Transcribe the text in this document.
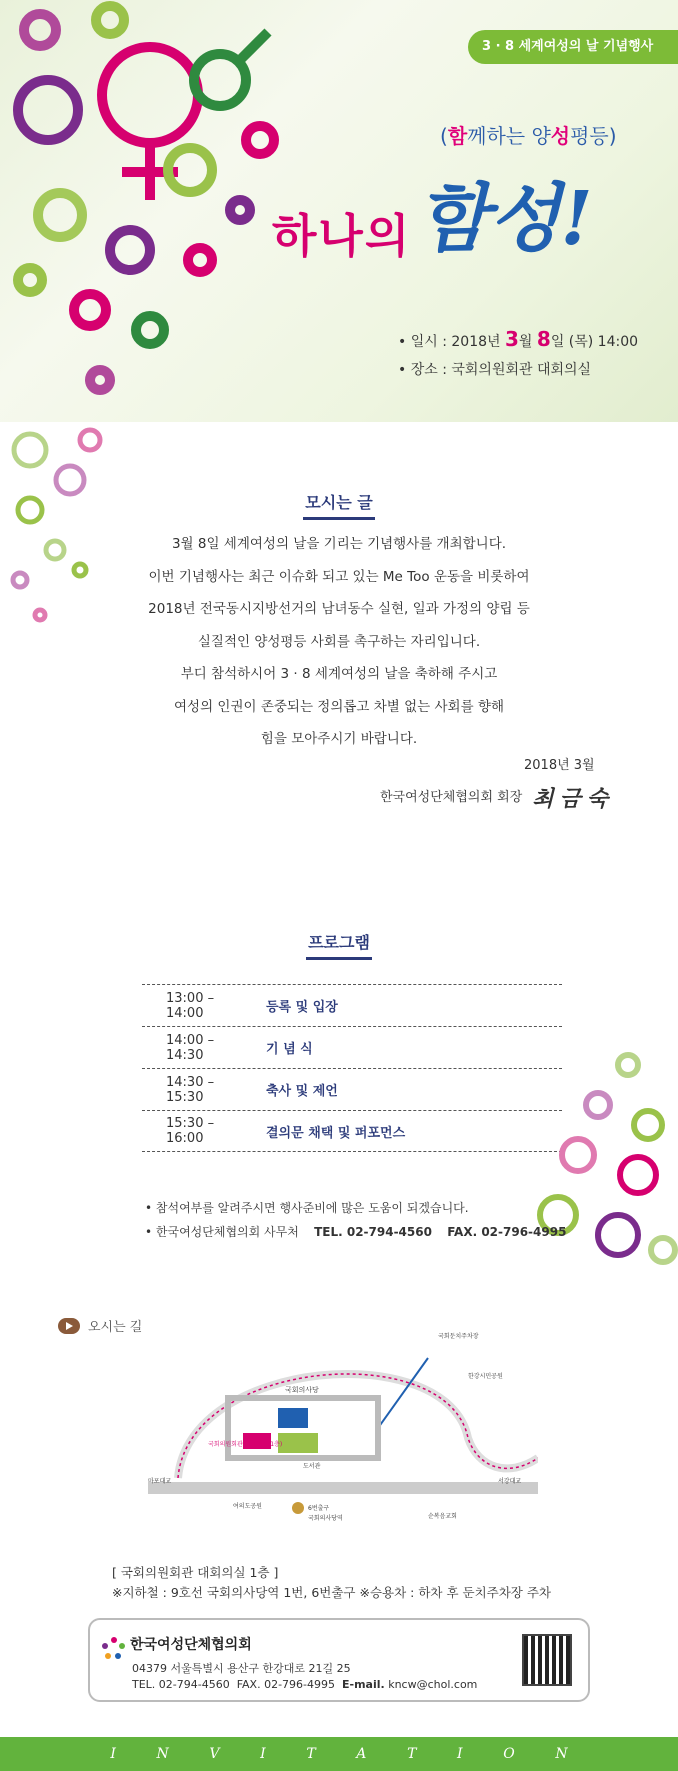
3 · 8 세계여성의 날 기념행사
(함께하는 양성평등)
하나의함성!
• 일시 : 2018년 3월 8일 (목) 14:00
• 장소 : 국회의원회관 대회의실
모시는 글
3월 8일 세계여성의 날을 기리는 기념행사를 개최합니다.
이번 기념행사는 최근 이슈화 되고 있는 Me Too 운동을 비롯하여
2018년 전국동시지방선거의 남녀동수 실현, 일과 가정의 양립 등
실질적인 양성평등 사회를 촉구하는 자리입니다.
부디 참석하시어 3 · 8 세계여성의 날을 축하해 주시고
여성의 인권이 존중되는 정의롭고 차별 없는 사회를 향해
힘을 모아주시기 바랍니다.
2018년 3월
한국여성단체협의회 회장 최금숙
프로그램
13:00 – 14:00	등록 및 입장
14:00 – 14:30	기 념 식
14:30 – 15:30	축사 및 제언
15:30 – 16:00	결의문 채택 및 퍼포먼스
• 참석여부를 알려주시면 행사준비에 많은 도움이 되겠습니다.
• 한국여성단체협의회 사무처 TEL. 02-794-4560 FAX. 02-796-4995
오시는 길
국회의사당
도서관
국회의원회관 대회의실(1층)
6번출구
국회의사당역
국회둔치주차장
마포대교	서강대교
한강시민공원
순복음교회
여의도공원
[ 국회의원회관 대회의실 1층 ]
※지하철 : 9호선 국회의사당역 1번, 6번출구 ※승용차 : 하차 후 둔치주차장 주차
한국여성단체협의회
04379 서울특별시 용산구 한강대로 21길 25
TEL. 02-794-4560 FAX. 02-796-4995 E-mail. kncw@chol.com
I	N	V	I	T	A	T	I	O	N
